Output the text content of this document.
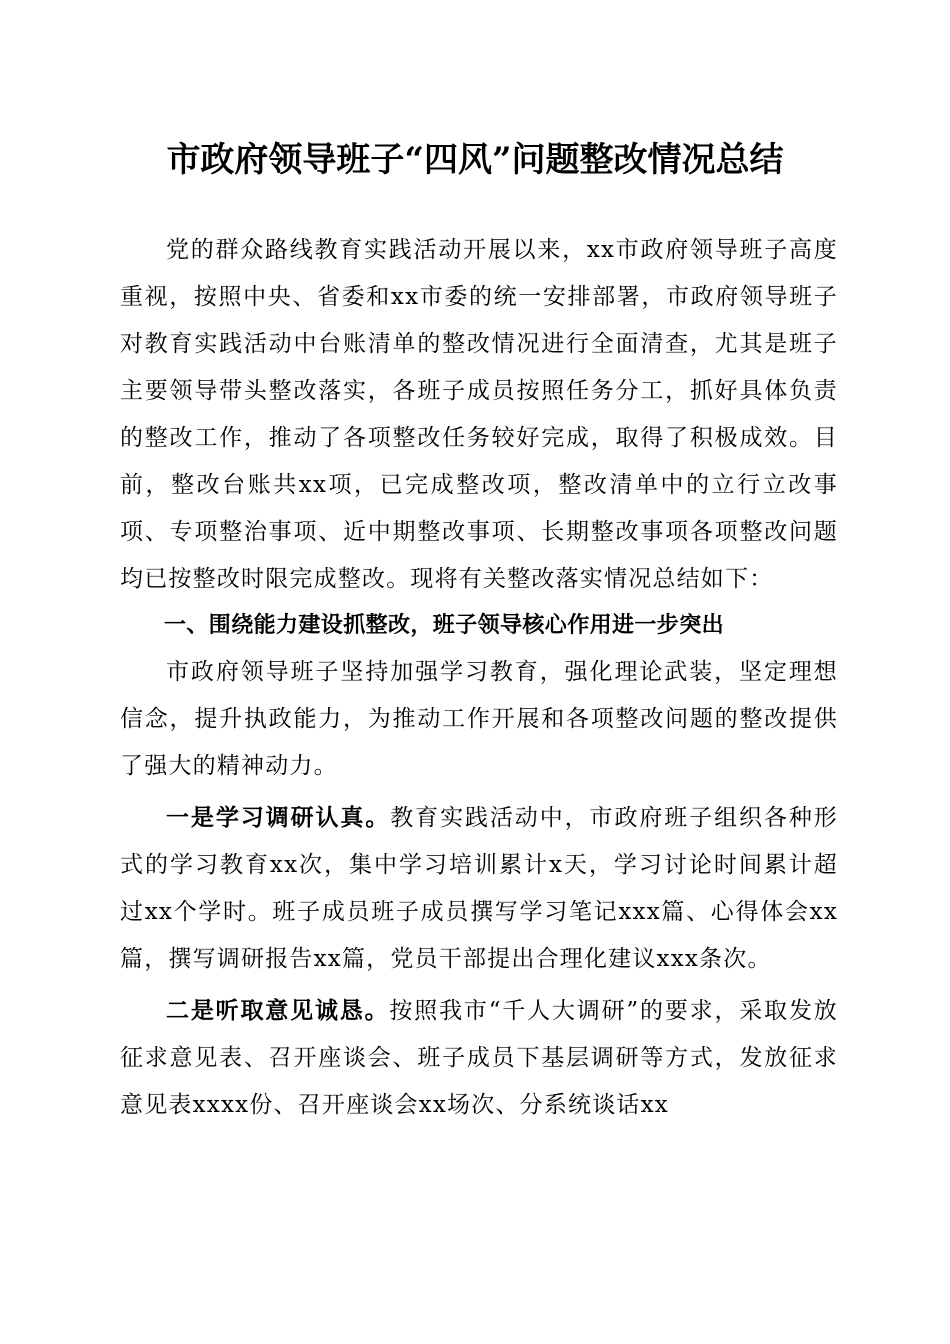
市政府领导班子“四风”问题整改情况总结

党的群众路线教育实践活动开展以来，xx市政府领导班子高度重视，按照中央、省委和xx市委的统一安排部署，市政府领导班子对教育实践活动中台账清单的整改情况进行全面清查，尤其是班子主要领导带头整改落实，各班子成员按照任务分工，抓好具体负责的整改工作，推动了各项整改任务较好完成，取得了积极成效。目前，整改台账共xx项，已完成整改项，整改清单中的立行立改事项、专项整治事项、近中期整改事项、长期整改事项各项整改问题均已按整改时限完成整改。现将有关整改落实情况总结如下：

一、围绕能力建设抓整改，班子领导核心作用进一步突出

市政府领导班子坚持加强学习教育，强化理论武装，坚定理想信念，提升执政能力，为推动工作开展和各项整改问题的整改提供了强大的精神动力。

一是学习调研认真。教育实践活动中，市政府班子组织各种形式的学习教育xx次，集中学习培训累计x天，学习讨论时间累计超过xx个学时。班子成员班子成员撰写学习笔记xxx篇、心得体会xx篇，撰写调研报告xx篇，党员干部提出合理化建议xxx条次。

二是听取意见诚恳。按照我市“千人大调研”的要求，采取发放征求意见表、召开座谈会、班子成员下基层调研等方式，发放征求意见表xxxx份、召开座谈会xx场次、分系统谈话xx
